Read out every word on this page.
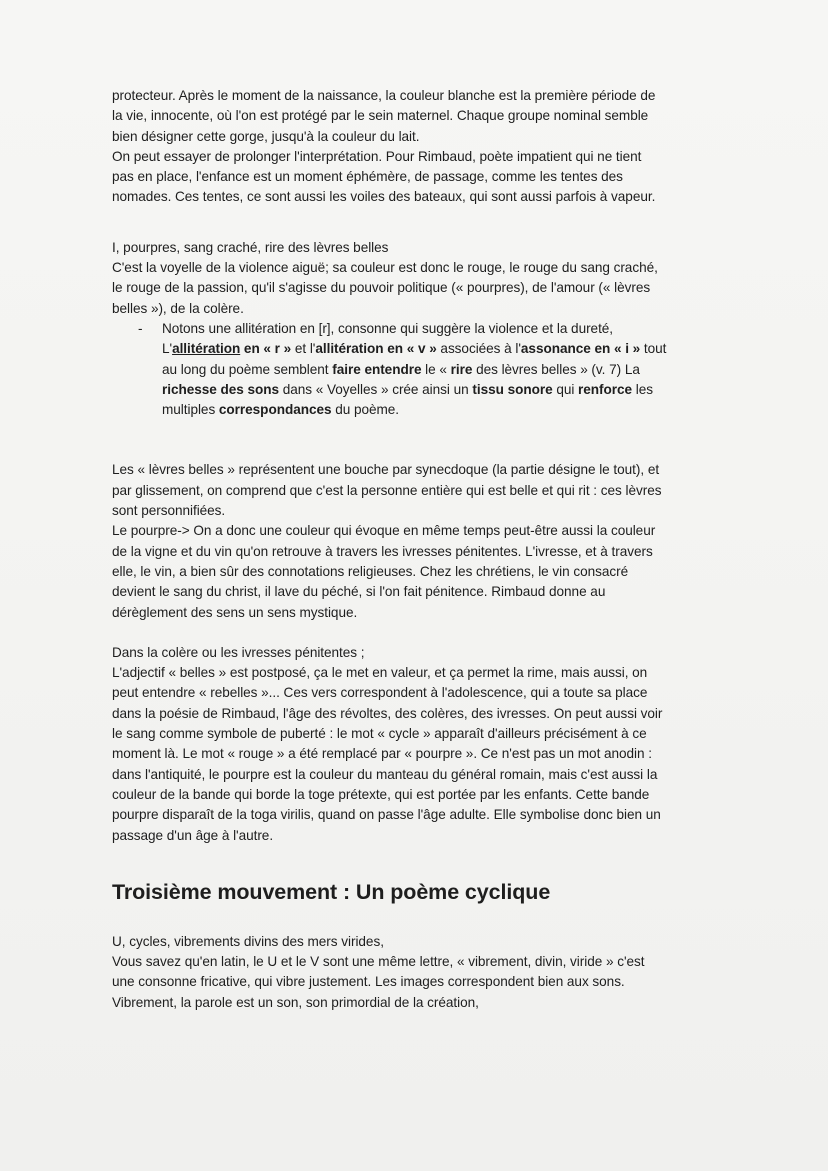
protecteur. Après le moment de la naissance, la couleur blanche est la première période de
la vie, innocente, où l'on est protégé par le sein maternel. Chaque groupe nominal semble
bien désigner cette gorge, jusqu'à la couleur du lait.

On peut essayer de prolonger l'interprétation. Pour Rimbaud, poète impatient qui ne tient
pas en place, l'enfance est un moment éphémère, de passage, comme les tentes des
nomades. Ces tentes, ce sont aussi les voiles des bateaux, qui sont aussi parfois à vapeur.

I, pourpres, sang craché, rire des lèvres belles

C'est la voyelle de la violence aiguë; sa couleur est donc le rouge, le rouge du sang craché,
le rouge de la passion, qu'il s'agisse du pouvoir politique (« pourpres), de l'amour (« lèvres
belles »), de la colère.

- Notons une allitération en [r], consonne qui suggère la violence et la dureté,
L'allitération en « r » et l'allitération en « v » associées à l'assonance en « i » tout
au long du poème semblent faire entendre le « rire des lèvres belles » (v. 7) La
richesse des sons dans « Voyelles » crée ainsi un tissu sonore qui renforce les
multiples correspondances du poème.

Les « lèvres belles » représentent une bouche par synecdoque (la partie désigne le tout), et
par glissement, on comprend que c'est la personne entière qui est belle et qui rit : ces lèvres
sont personnifiées.

Le pourpre-> On a donc une couleur qui évoque en même temps peut-être aussi la couleur
de la vigne et du vin qu'on retrouve à travers les ivresses pénitentes. L'ivresse, et à travers
elle, le vin, a bien sûr des connotations religieuses. Chez les chrétiens, le vin consacré
devient le sang du christ, il lave du péché, si l'on fait pénitence. Rimbaud donne au
dérèglement des sens un sens mystique.

Dans la colère ou les ivresses pénitentes ;

L'adjectif « belles » est postposé, ça le met en valeur, et ça permet la rime, mais aussi, on
peut entendre « rebelles »... Ces vers correspondent à l'adolescence, qui a toute sa place
dans la poésie de Rimbaud, l'âge des révoltes, des colères, des ivresses. On peut aussi voir
le sang comme symbole de puberté : le mot « cycle » apparaît d'ailleurs précisément à ce
moment là. Le mot « rouge » a été remplacé par « pourpre ». Ce n'est pas un mot anodin :
dans l'antiquité, le pourpre est la couleur du manteau du général romain, mais c'est aussi la
couleur de la bande qui borde la toge prétexte, qui est portée par les enfants. Cette bande
pourpre disparaît de la toga virilis, quand on passe l'âge adulte. Elle symbolise donc bien un
passage d'un âge à l'autre.

Troisième mouvement : Un poème cyclique

U, cycles, vibrements divins des mers virides,

Vous savez qu'en latin, le U et le V sont une même lettre, « vibrement, divin, viride » c'est
une consonne fricative, qui vibre justement. Les images correspondent bien aux sons.
Vibrement, la parole est un son, son primordial de la création,
